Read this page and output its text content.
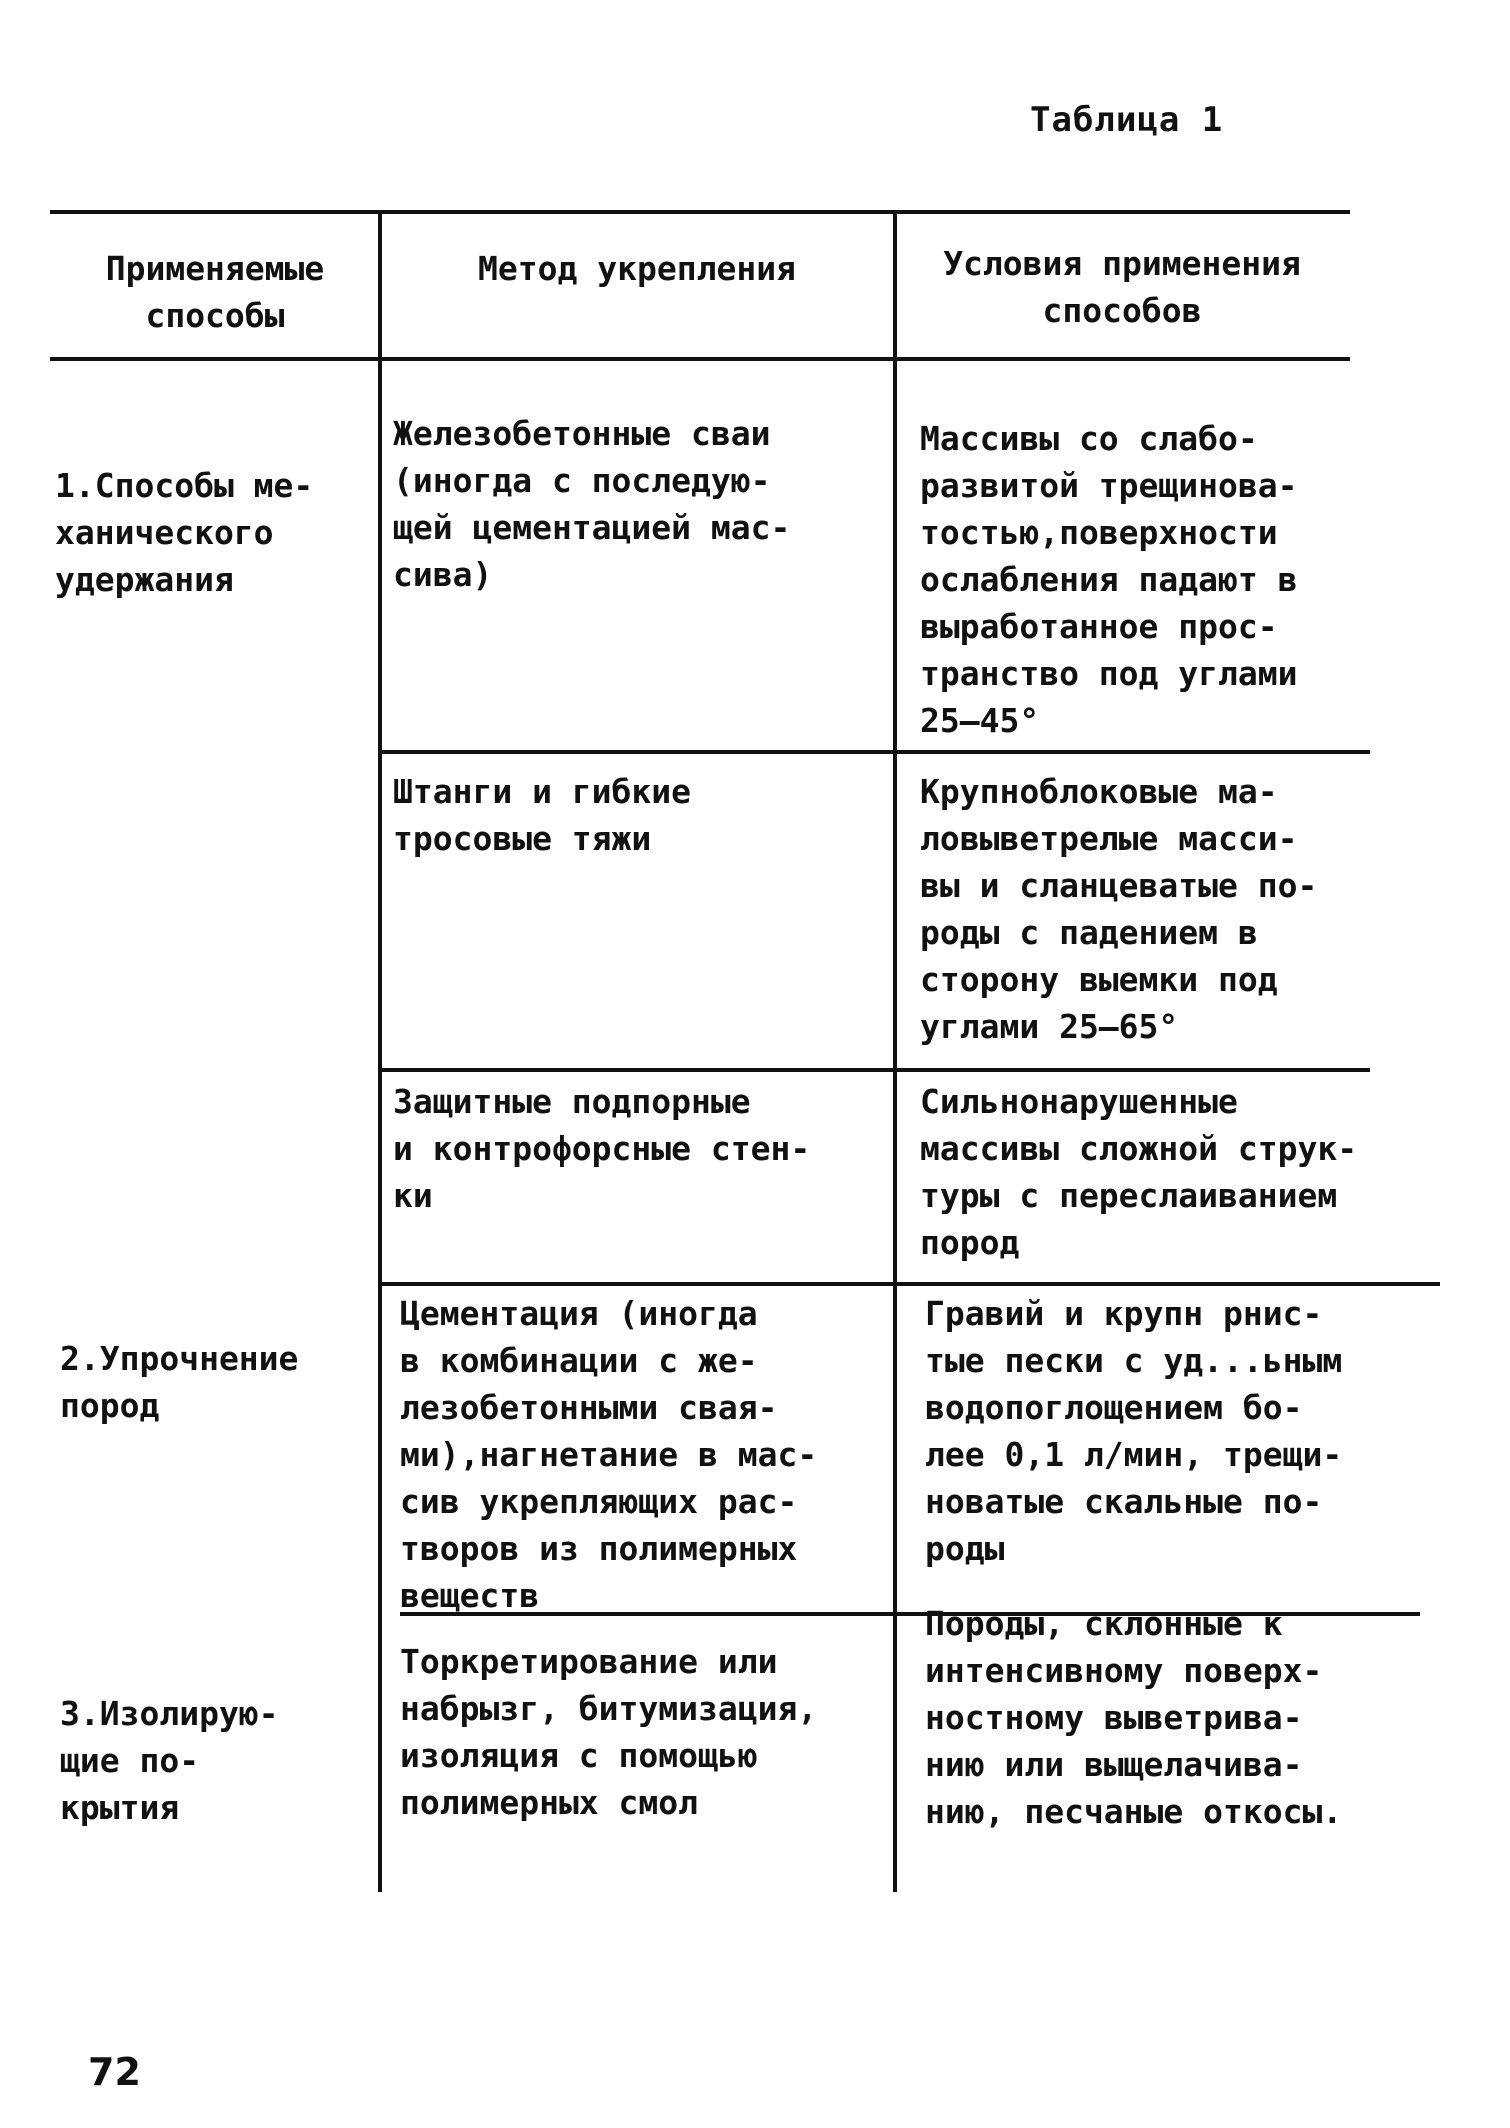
Таблица 1
Применяемые
способы
Метод укрепления	Условия применения
способов
1.Способы ме-
ханического
удержания
Железобетонные сваи
(иногда с последую-
щей цементацией мас-
сива)
Массивы со слабо-
развитой трещинова-
тостью,поверхности
ослабления падают в
выработанное прос-
транство под углами
25–45°
Штанги и гибкие
тросовые тяжи
Крупноблоковые ма-
ловыветрелые масси-
вы и сланцеватые по-
роды с падением в
сторону выемки под
углами 25–65°
Защитные подпорные
и контрофорсные стен-
ки
Сильнонарушенные
массивы сложной струк-
туры с переслаиванием
пород
2.Упрочнение
пород
Цементация (иногда
в комбинации с же-
лезобетонными свая-
ми),нагнетание в мас-
сив укрепляющих рас-
творов из полимерных
веществ
Гравий и крупн рнис-
тые пески с уд...ьным
водопоглощением бо-
лее 0,1 л/мин, трещи-
новатые скальные по-
роды
3.Изолирую-
щие по-
крытия
Торкретирование или
набрызг, битумизация,
изоляция с помощью
полимерных смол
Породы, склонные к
интенсивному поверх-
ностному выветрива-
нию или выщелачива-
нию, песчаные откосы.
72
